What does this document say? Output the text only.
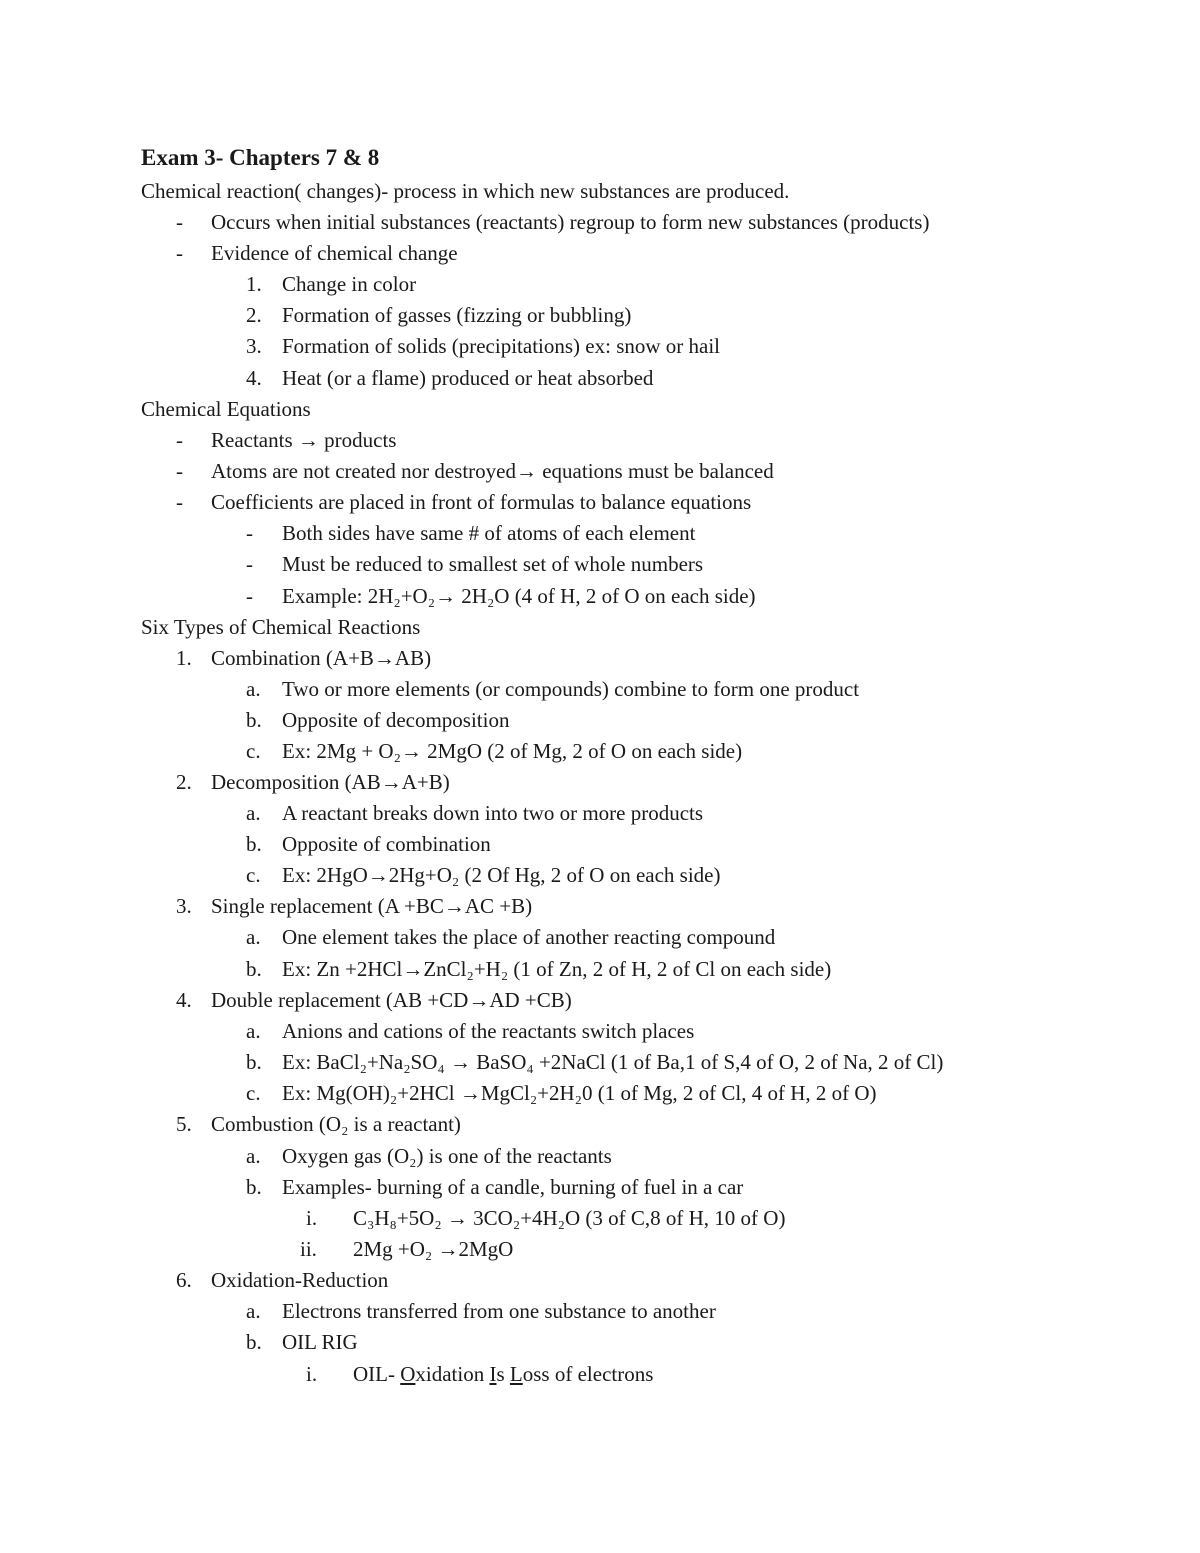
Exam 3- Chapters 7 & 8
Chemical reaction( changes)- process in which new substances are produced.
- Occurs when initial substances (reactants) regroup to form new substances (products)
- Evidence of chemical change
1. Change in color
2. Formation of gasses (fizzing or bubbling)
3. Formation of solids (precipitations) ex: snow or hail
4. Heat (or a flame) produced or heat absorbed
Chemical Equations
- Reactants → products
- Atoms are not created nor destroyed→ equations must be balanced
- Coefficients are placed in front of formulas to balance equations
- Both sides have same # of atoms of each element
- Must be reduced to smallest set of whole numbers
- Example: 2H₂+O₂→ 2H₂O (4 of H, 2 of O on each side)
Six Types of Chemical Reactions
1. Combination (A+B→AB)
a. Two or more elements (or compounds) combine to form one product
b. Opposite of decomposition
c. Ex: 2Mg + O₂→ 2MgO (2 of Mg, 2 of O on each side)
2. Decomposition (AB→A+B)
a. A reactant breaks down into two or more products
b. Opposite of combination
c. Ex: 2HgO→2Hg+O₂ (2 Of Hg, 2 of O on each side)
3. Single replacement (A +BC→AC +B)
a. One element takes the place of another reacting compound
b. Ex: Zn +2HCl→ZnCl₂+H₂ (1 of Zn, 2 of H, 2 of Cl on each side)
4. Double replacement (AB +CD→AD +CB)
a. Anions and cations of the reactants switch places
b. Ex: BaCl₂+Na₂SO₄ → BaSO₄ +2NaCl (1 of Ba,1 of S,4 of O, 2 of Na, 2 of Cl)
c. Ex: Mg(OH)₂+2HCl →MgCl₂+2H₂0 (1 of Mg, 2 of Cl, 4 of H, 2 of O)
5. Combustion (O₂ is a reactant)
a. Oxygen gas (O₂) is one of the reactants
b. Examples- burning of a candle, burning of fuel in a car
i. C₃H₈+5O₂ → 3CO₂+4H₂O (3 of C,8 of H, 10 of O)
ii. 2Mg +O₂ →2MgO
6. Oxidation-Reduction
a. Electrons transferred from one substance to another
b. OIL RIG
i. OIL- Oxidation Is Loss of electrons
